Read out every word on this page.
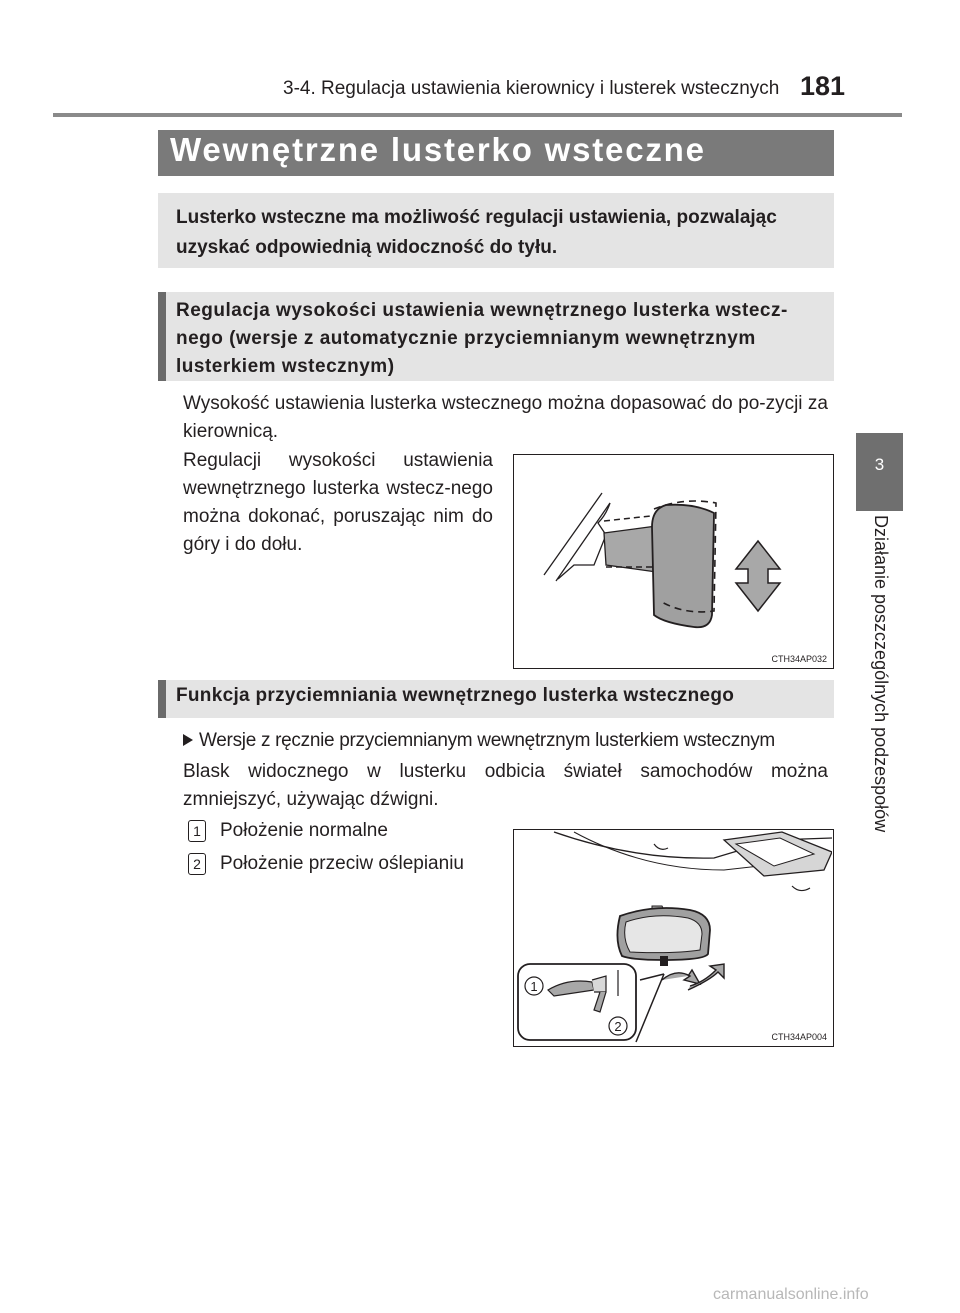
3-4. Regulacja ustawienia kierownicy i lusterek wstecznych 181
3
Działanie poszczególnych podzespołów
Wewnętrzne lusterko wsteczne
Lusterko wsteczne ma możliwość regulacji ustawienia, pozwalając uzyskać odpowiednią widoczność do tyłu.
Regulacja wysokości ustawienia wewnętrznego lusterka wstecz-nego (wersje z automatycznie przyciemnianym wewnętrznym lusterkiem wstecznym)
Wysokość ustawienia lusterka wstecznego można dopasować do po-zycji za kierownicą.
Regulacji wysokości ustawienia wewnętrznego lusterka wstecz-nego można dokonać, poruszając nim do góry i do dołu.
CTH34AP032
Funkcja przyciemniania wewnętrznego lusterka wstecznego
Wersje z ręcznie przyciemnianym wewnętrznym lusterkiem wstecznym
Blask widocznego w lusterku odbicia świateł samochodów można zmniejszyć, używając dźwigni.
1 Położenie normalne
2 Położenie przeciw oślepianiu
1
2
CTH34AP004
carmanualsonline.info
